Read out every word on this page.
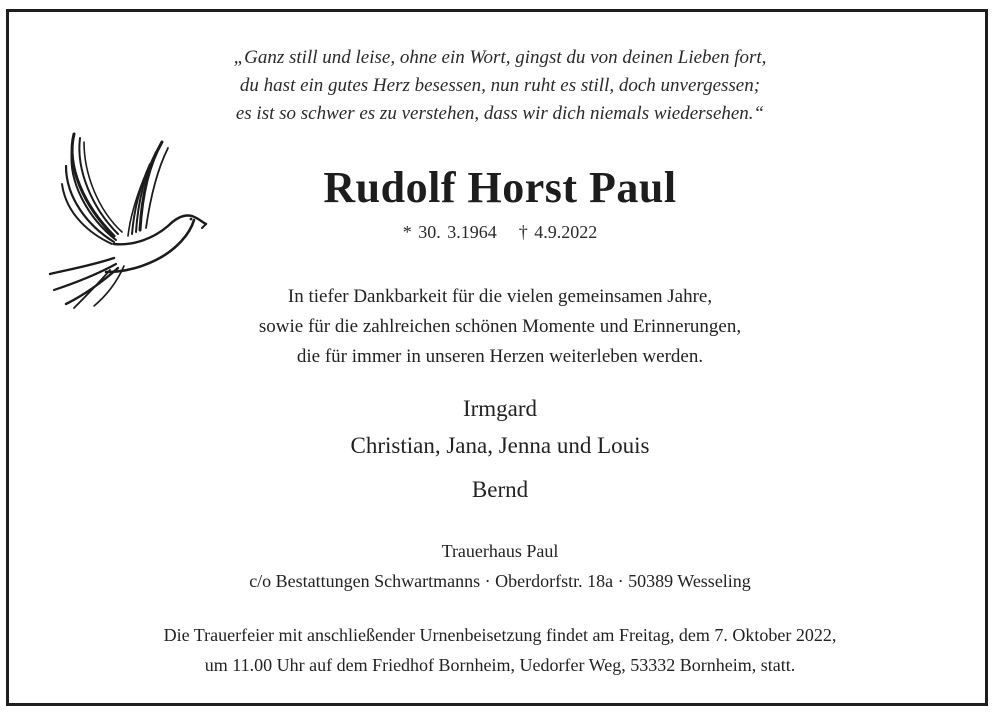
„Ganz still und leise, ohne ein Wort, gingst du von deinen Lieben fort,
du hast ein gutes Herz besessen, nun ruht es still, doch unvergessen;
es ist so schwer es zu verstehen, dass wir dich niemals wiedersehen.“
Rudolf Horst Paul
* 30. 3.1964 † 4.9.2022
In tiefer Dankbarkeit für die vielen gemeinsamen Jahre,
sowie für die zahlreichen schönen Momente und Erinnerungen,
die für immer in unseren Herzen weiterleben werden.
Irmgard
Christian, Jana, Jenna und Louis
Bernd
Trauerhaus Paul
c/o Bestattungen Schwartmanns · Oberdorfstr. 18a · 50389 Wesseling
Die Trauerfeier mit anschließender Urnenbeisetzung findet am Freitag, dem 7. Oktober 2022,
um 11.00 Uhr auf dem Friedhof Bornheim, Uedorfer Weg, 53332 Bornheim, statt.
